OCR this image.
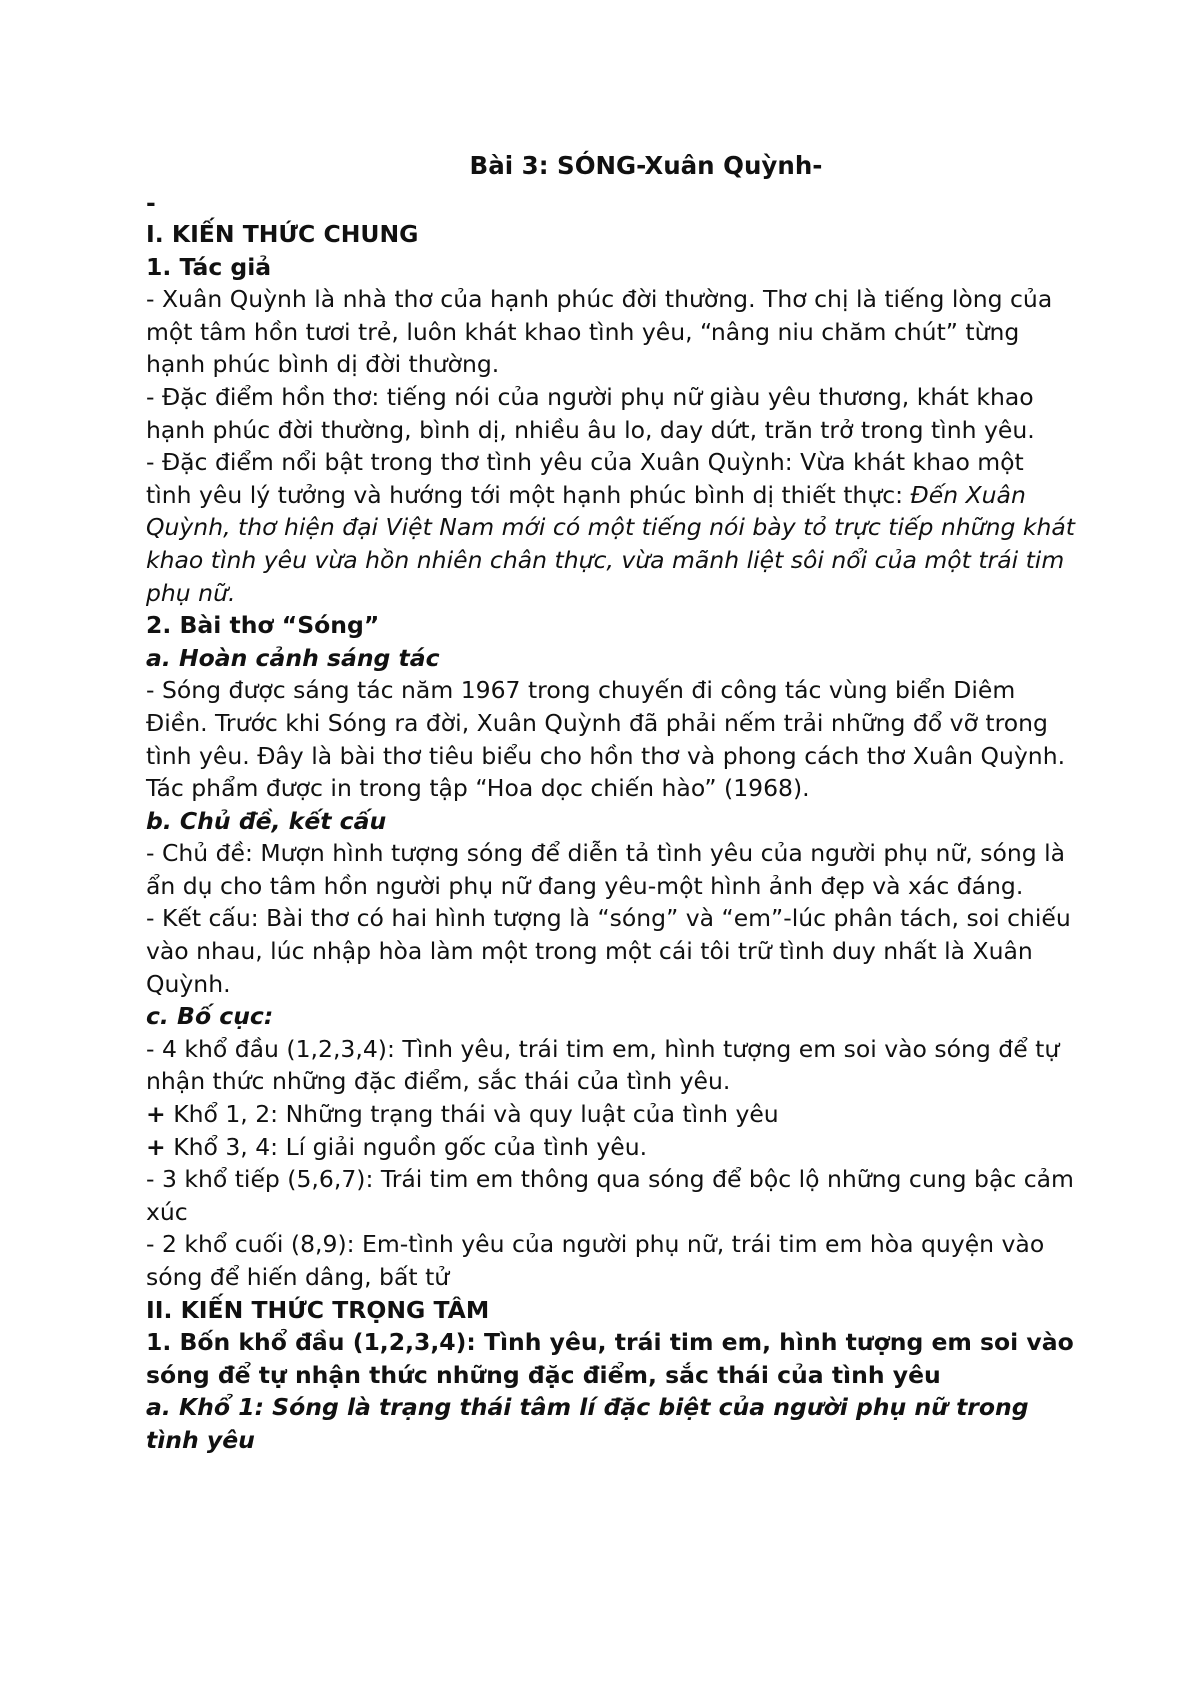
Bài 3: SÓNG-Xuân Quỳnh-

-

I. KIẾN THỨC CHUNG

1. Tác giả

- Xuân Quỳnh là nhà thơ của hạnh phúc đời thường. Thơ chị là tiếng lòng của một tâm hồn tươi trẻ, luôn khát khao tình yêu, “nâng niu chăm chút” từng hạnh phúc bình dị đời thường.

- Đặc điểm hồn thơ: tiếng nói của người phụ nữ giàu yêu thương, khát khao hạnh phúc đời thường, bình dị, nhiều âu lo, day dứt, trăn trở trong tình yêu.

- Đặc điểm nổi bật trong thơ tình yêu của Xuân Quỳnh: Vừa khát khao một tình yêu lý tưởng và hướng tới một hạnh phúc bình dị thiết thực: Đến Xuân Quỳnh, thơ hiện đại Việt Nam mới có một tiếng nói bày tỏ trực tiếp những khát khao tình yêu vừa hồn nhiên chân thực, vừa mãnh liệt sôi nổi của một trái tim phụ nữ.

2. Bài thơ “Sóng”

a. Hoàn cảnh sáng tác

- Sóng được sáng tác năm 1967 trong chuyến đi công tác vùng biển Diêm Điền. Trước khi Sóng ra đời, Xuân Quỳnh đã phải nếm trải những đổ vỡ trong tình yêu. Đây là bài thơ tiêu biểu cho hồn thơ và phong cách thơ Xuân Quỳnh. Tác phẩm được in trong tập “Hoa dọc chiến hào” (1968).

b. Chủ đề, kết cấu

- Chủ đề: Mượn hình tượng sóng để diễn tả tình yêu của người phụ nữ, sóng là ẩn dụ cho tâm hồn người phụ nữ đang yêu-một hình ảnh đẹp và xác đáng.

- Kết cấu: Bài thơ có hai hình tượng là “sóng” và “em”-lúc phân tách, soi chiếu vào nhau, lúc nhập hòa làm một trong một cái tôi trữ tình duy nhất là Xuân Quỳnh.

c. Bố cục:

- 4 khổ đầu (1,2,3,4): Tình yêu, trái tim em, hình tượng em soi vào sóng để tự nhận thức những đặc điểm, sắc thái của tình yêu.

+ Khổ 1, 2: Những trạng thái và quy luật của tình yêu

+ Khổ 3, 4: Lí giải nguồn gốc của tình yêu.

- 3 khổ tiếp (5,6,7): Trái tim em thông qua sóng để bộc lộ những cung bậc cảm xúc

- 2 khổ cuối (8,9): Em-tình yêu của người phụ nữ, trái tim em hòa quyện vào sóng để hiến dâng, bất tử

II. KIẾN THỨC TRỌNG TÂM

1. Bốn khổ đầu (1,2,3,4): Tình yêu, trái tim em, hình tượng em soi vào sóng để tự nhận thức những đặc điểm, sắc thái của tình yêu

a. Khổ 1: Sóng là trạng thái tâm lí đặc biệt của người phụ nữ trong tình yêu
